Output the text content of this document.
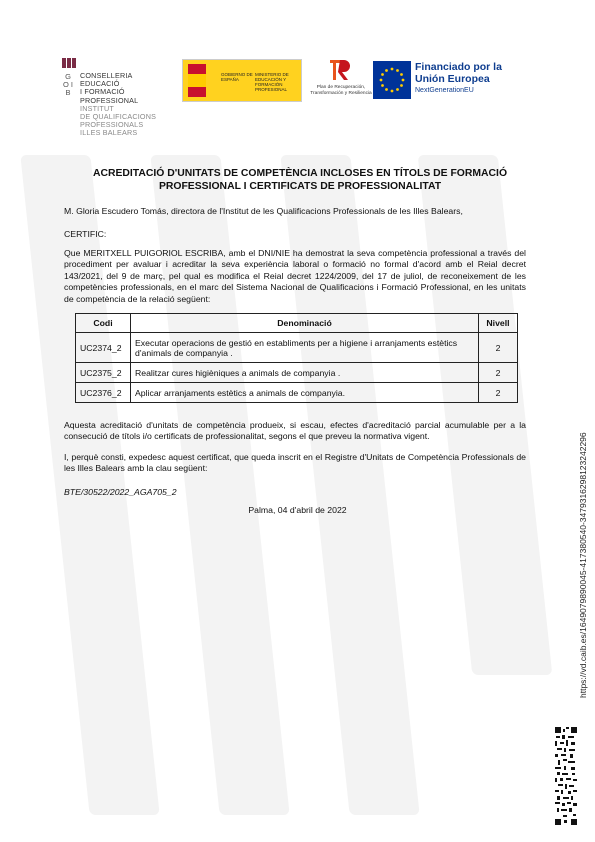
G O I B
CONSELLERIA
EDUCACIÓ
I FORMACIÓ
PROFESSIONAL
INSTITUT
DE QUALIFICACIONS
PROFESSIONALS
ILLES BALEARS
GOBIERNO DE ESPAÑA
MINISTERIO DE EDUCACIÓN Y FORMACIÓN PROFESIONAL	Plan de Recuperación, Transformación y Resiliencia
Financiado por la Unión Europea
NextGenerationEU
ACREDITACIÓ D'UNITATS DE COMPETÈNCIA INCLOSES EN TÍTOLS DE FORMACIÓ
PROFESSIONAL I CERTIFICATS DE PROFESSIONALITAT
M. Gloria Escudero Tomás, directora de l'Institut de les Qualificacions Professionals de les Illes Balears,
CERTIFIC:
Que MERITXELL PUIGORIOL ESCRIBA, amb el DNI/NIE ha demostrat la seva competència professional a través del procediment per avaluar i acreditar la seva experiència laboral o formació no formal d'acord amb el Reial decret 143/2021, del 9 de març, pel qual es modifica el Reial decret 1224/2009, del 17 de juliol, de reconeixement de les competències professionals, en el marc del Sistema Nacional de Qualificacions i Formació Professional, en les unitats de competència de la relació següent:
Codi	Denominació	Nivell
UC2374_2	Executar operacions de gestió en establiments per a higiene i arranjaments estètics d'animals de companyia .	2
UC2375_2	Realitzar cures higièniques a animals de companyia .	2
UC2376_2	Aplicar arranjaments estètics a animals de companyia.	2
Aquesta acreditació d'unitats de competència produeix, si escau, efectes d'acreditació parcial acumulable per a la consecució de títols i/o certificats de professionalitat, segons el que preveu la normativa vigent.
I, perquè consti, expedesc aquest certificat, que queda inscrit en el Registre d'Unitats de Competència Professionals de les Illes Balears amb la clau següent:
BTE/30522/2022_AGA705_2
Palma, 04 d'abril de 2022	https://vd.caib.es/1649079890045-417380540-3479316298123242296
